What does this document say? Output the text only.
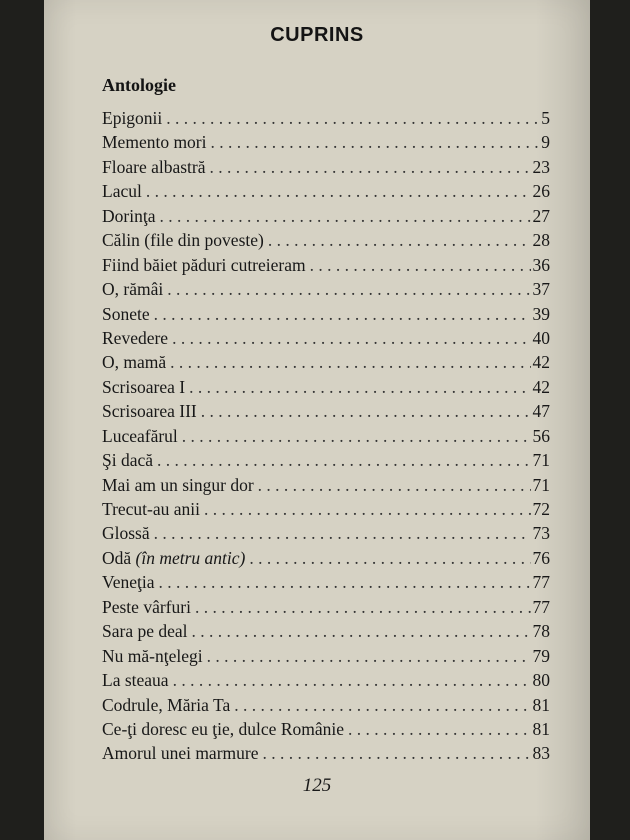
CUPRINS
Antologie
Epigonii . . .	5
Memento mori . . .	9
Floare albastră . . .	23
Lacul . . .	26
Dorinţa . . .	27
Călin (file din poveste) . . .	28
Fiind băiet păduri cutreieram . . .	36
O, rămâi . . .	37
Sonete . . .	39
Revedere . . .	40
O, mamă . . .	42
Scrisoarea I . . .	42
Scrisoarea III . . .	47
Luceafărul . . .	56
Şi dacă . . .	71
Mai am un singur dor . . .	71
Trecut-au anii . . .	72
Glossă . . .	73
Odă (în metru antic) . . .	76
Veneţia . . .	77
Peste vârfuri . . .	77
Sara pe deal . . .	78
Nu mă-nţelegi . . .	79
La steaua . . .	80
Codrule, Măria Ta . . .	81
Ce-ţi doresc eu ţie, dulce Românie . . .	81
Amorul unei marmure . . .	83
125
